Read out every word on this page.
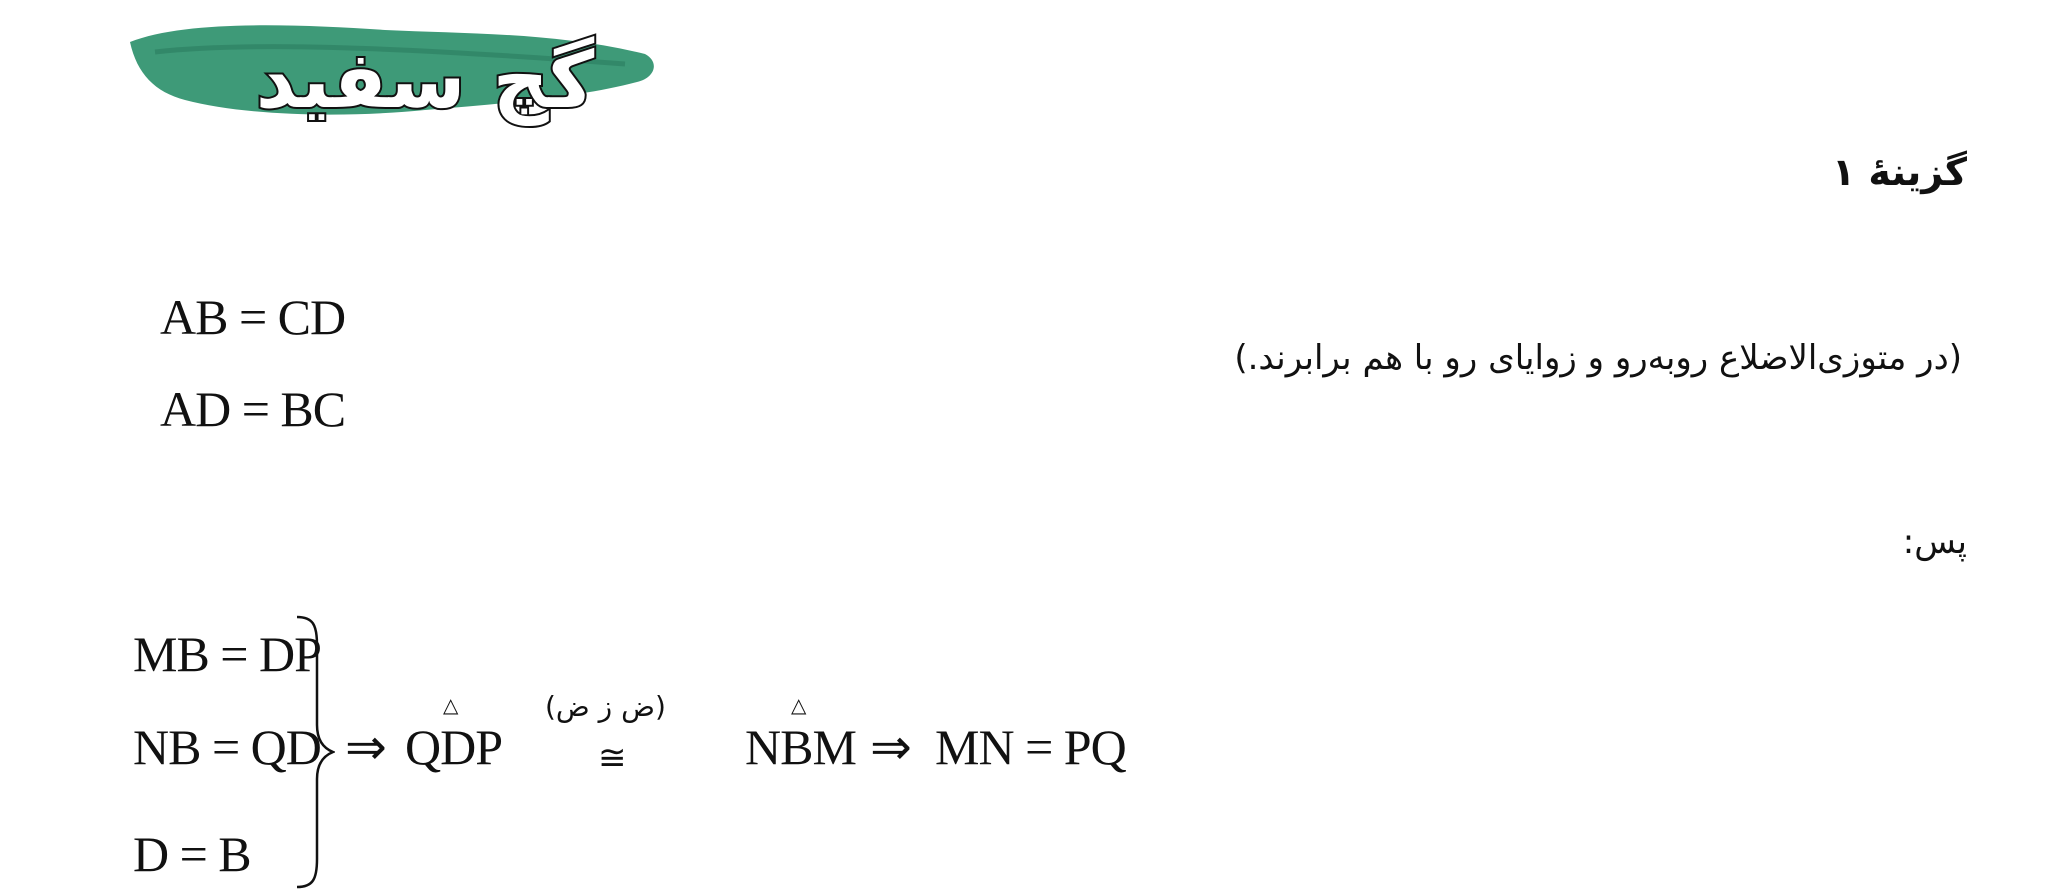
گچ سفید
گزینهٔ ۱
AB = CD
AD = BC
(در متوزی‌الاضلاع روبه‌رو و زوایای رو با هم برابرند.)
پس:
MB = DP
NB = QD
D = B
⇒
△
QDP
(ض ز ض)
≅
△
NBM ⇒ MN = PQ
